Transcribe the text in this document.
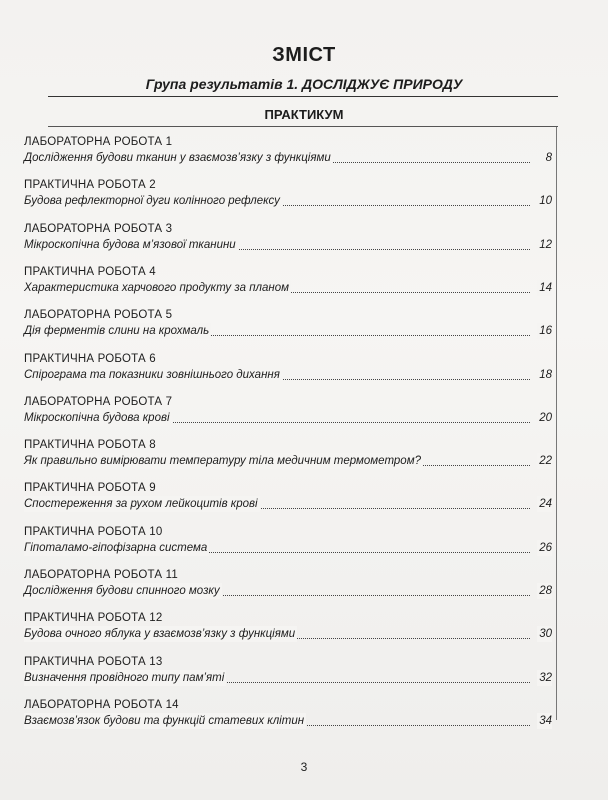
ЗМІСТ
Група результатів 1. ДОСЛІДЖУЄ ПРИРОДУ
ПРАКТИКУМ
ЛАБОРАТОРНА РОБОТА 1
Дослідження будови тканин у взаємозв’язку з функціями	8
ПРАКТИЧНА РОБОТА 2
Будова рефлекторної дуги колінного рефлексу	10
ЛАБОРАТОРНА РОБОТА 3
Мікроскопічна будова м’язової тканини	12
ПРАКТИЧНА РОБОТА 4
Характеристика харчового продукту за планом	14
ЛАБОРАТОРНА РОБОТА 5
Дія ферментів слини на крохмаль	16
ПРАКТИЧНА РОБОТА 6
Спірограма та показники зовнішнього дихання	18
ЛАБОРАТОРНА РОБОТА 7
Мікроскопічна будова крові	20
ПРАКТИЧНА РОБОТА 8
Як правильно вимірювати температуру тіла медичним термометром?	22
ПРАКТИЧНА РОБОТА 9
Спостереження за рухом лейкоцитів крові	24
ПРАКТИЧНА РОБОТА 10
Гіпоталамо-гіпофізарна система	26
ЛАБОРАТОРНА РОБОТА 11
Дослідження будови спинного мозку	28
ПРАКТИЧНА РОБОТА 12
Будова очного яблука у взаємозв’язку з функціями	30
ПРАКТИЧНА РОБОТА 13
Визначення провідного типу пам’яті	32
ЛАБОРАТОРНА РОБОТА 14
Взаємозв’язок будови та функцій статевих клітин	34
3
